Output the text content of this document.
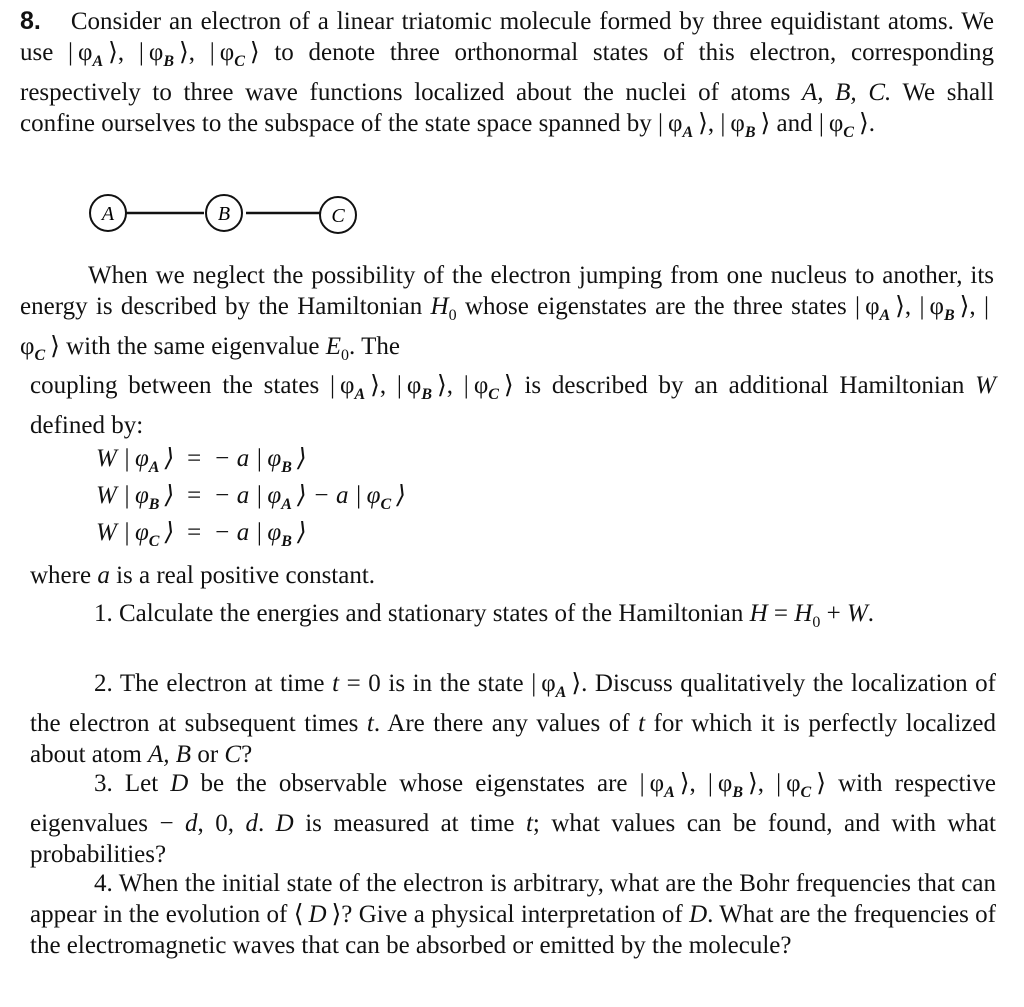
8. Consider an electron of a linear triatomic molecule formed by three equidistant atoms. We use | $\varphi_A$ ⟩, | $\varphi_B$ ⟩, | $\varphi_C$ ⟩ to denote three orthonormal states of this electron, corresponding respectively to three wave functions localized about the nuclei of atoms A, B, C. We shall confine ourselves to the subspace of the state space spanned by | $\varphi_A$ ⟩, | $\varphi_B$ ⟩ and | $\varphi_C$ ⟩.

A	B	C

When we neglect the possibility of the electron jumping from one nucleus to another, its energy is described by the Hamiltonian $H_0$ whose eigenstates are the three states | $\varphi_A$ ⟩, | $\varphi_B$ ⟩, | $\varphi_C$ ⟩ with the same eigenvalue $E_0$. The

coupling between the states | $\varphi_A$ ⟩, | $\varphi_B$ ⟩, | $\varphi_C$ ⟩ is described by an additional Hamiltonian W defined by:

W | $\varphi_A$ ⟩  =  − a | $\varphi_B$ ⟩
W | $\varphi_B$ ⟩  =  − a | $\varphi_A$ ⟩ − a | $\varphi_C$ ⟩
W | $\varphi_C$ ⟩  =  − a | $\varphi_B$ ⟩

where a is a real positive constant.

1. Calculate the energies and stationary states of the Hamiltonian $H = H_0 + W$.

2. The electron at time t = 0 is in the state | $\varphi_A$ ⟩. Discuss qualitatively the localization of the electron at subsequent times t. Are there any values of t for which it is perfectly localized about atom A, B or C?

3. Let D be the observable whose eigenstates are | $\varphi_A$ ⟩, | $\varphi_B$ ⟩, | $\varphi_C$ ⟩ with respective eigenvalues − d, 0, d. D is measured at time t; what values can be found, and with what probabilities?

4. When the initial state of the electron is arbitrary, what are the Bohr frequencies that can appear in the evolution of ⟨ D ⟩? Give a physical interpretation of D. What are the frequencies of the electromagnetic waves that can be absorbed or emitted by the molecule?
